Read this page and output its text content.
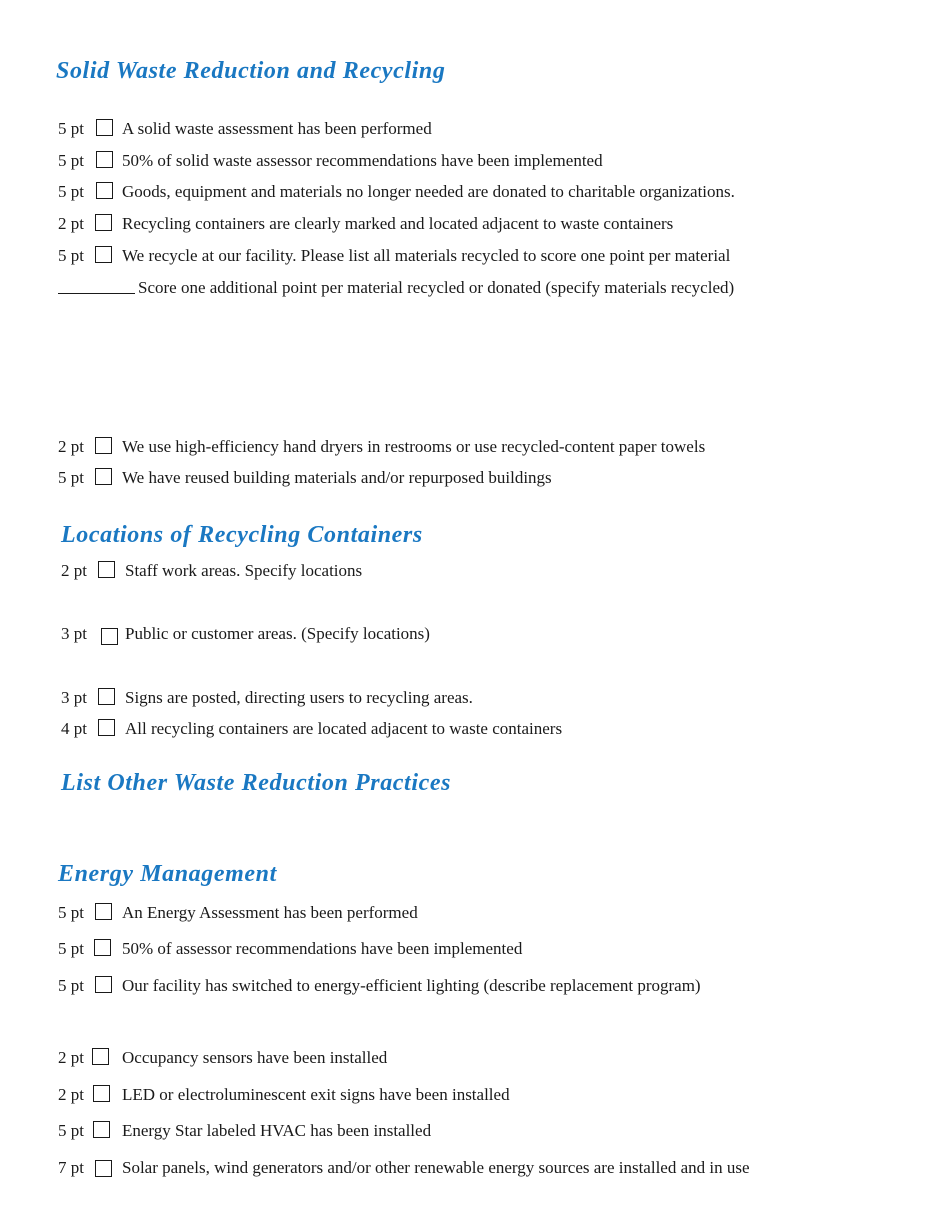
Solid Waste Reduction and Recycling
5 pt A solid waste assessment has been performed
5 pt 50% of solid waste assessor recommendations have been implemented
5 pt Goods, equipment and materials no longer needed are donated to charitable organizations.
2 pt Recycling containers are clearly marked and located adjacent to waste containers
5 pt We recycle at our facility. Please list all materials recycled to score one point per material
Score one additional point per material recycled or donated (specify materials recycled)
2 pt We use high-efficiency hand dryers in restrooms or use recycled-content paper towels
5 pt We have reused building materials and/or repurposed buildings
Locations of Recycling Containers
2 pt Staff work areas. Specify locations
3 pt Public or customer areas. (Specify locations)
3 pt Signs are posted, directing users to recycling areas.
4 pt All recycling containers are located adjacent to waste containers
List Other Waste Reduction Practices
Energy Management
5 pt An Energy Assessment has been performed
5 pt 50% of assessor recommendations have been implemented
5 pt Our facility has switched to energy-efficient lighting (describe replacement program)
2 pt Occupancy sensors have been installed
2 pt LED or electroluminescent exit signs have been installed
5 pt Energy Star labeled HVAC has been installed
7 pt Solar panels, wind generators and/or other renewable energy sources are installed and in use
